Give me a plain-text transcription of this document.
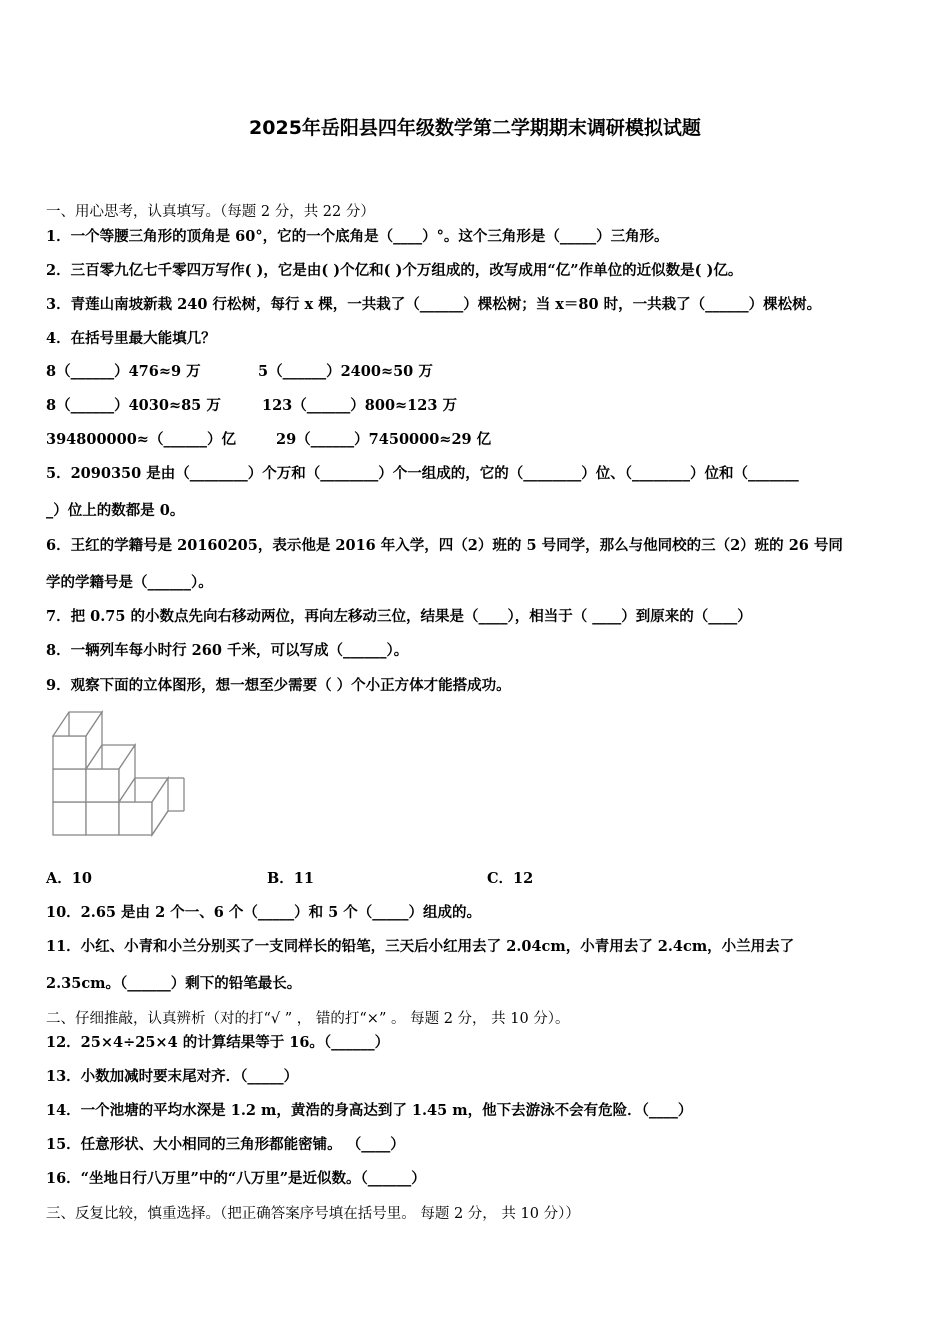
2025年岳阳县四年级数学第二学期期末调研模拟试题
一、用心思考，认真填写。（每题 2 分，共 22 分）
1．一个等腰三角形的顶角是 60°，它的一个底角是（____）°。这个三角形是（_____）三角形。
2．三百零九亿七千零四万写作( )，它是由( )个亿和( )个万组成的，改写成用“亿”作单位的近似数是( )亿。
3．青莲山南坡新栽 240 行松树，每行 x 棵，一共栽了（______）棵松树；当 x＝80 时，一共栽了（______）棵松树。
4．在括号里最大能填几？
8（______）476≈9 万	5（______）2400≈50 万
8（______）4030≈85 万	123（______）800≈123 万
394800000≈（______）亿	29（______）7450000≈29 亿
5．2090350 是由（________）个万和（________）个一组成的，它的（________）位、（________）位和（_______
_）位上的数都是 0。
6．王红的学籍号是 20160205，表示他是 2016 年入学，四（2）班的 5 号同学，那么与他同校的三（2）班的 26 号同
学的学籍号是（______）。
7．把 0.75 的小数点先向右移动两位，再向左移动三位，结果是（____），相当于（ ____）到原来的（____）
8．一辆列车每小时行 260 千米，可以写成（______）。
9．观察下面的立体图形，想一想至少需要（ ）个小正方体才能搭成功。
A．10	B．11	C．12
10．2.65 是由 2 个一、6 个（_____）和 5 个（_____）组成的。
11．小红、小青和小兰分别买了一支同样长的铅笔，三天后小红用去了 2.04cm，小青用去了 2.4cm，小兰用去了
2.35cm。（______）剩下的铅笔最长。
二、仔细推敲，认真辨析（对的打“√ ” ， 错的打“×” 。 每题 2 分， 共 10 分）。
12．25×4÷25×4 的计算结果等于 16。（______）
13．小数加减时要末尾对齐．（_____）
14．一个池塘的平均水深是 1.2 m，黄浩的身高达到了 1.45 m，他下去游泳不会有危险．（____）
15．任意形状、大小相同的三角形都能密铺。 （____）
16．“坐地日行八万里”中的“八万里”是近似数。（______）
三、反复比较，慎重选择。（把正确答案序号填在括号里。 每题 2 分， 共 10 分））
